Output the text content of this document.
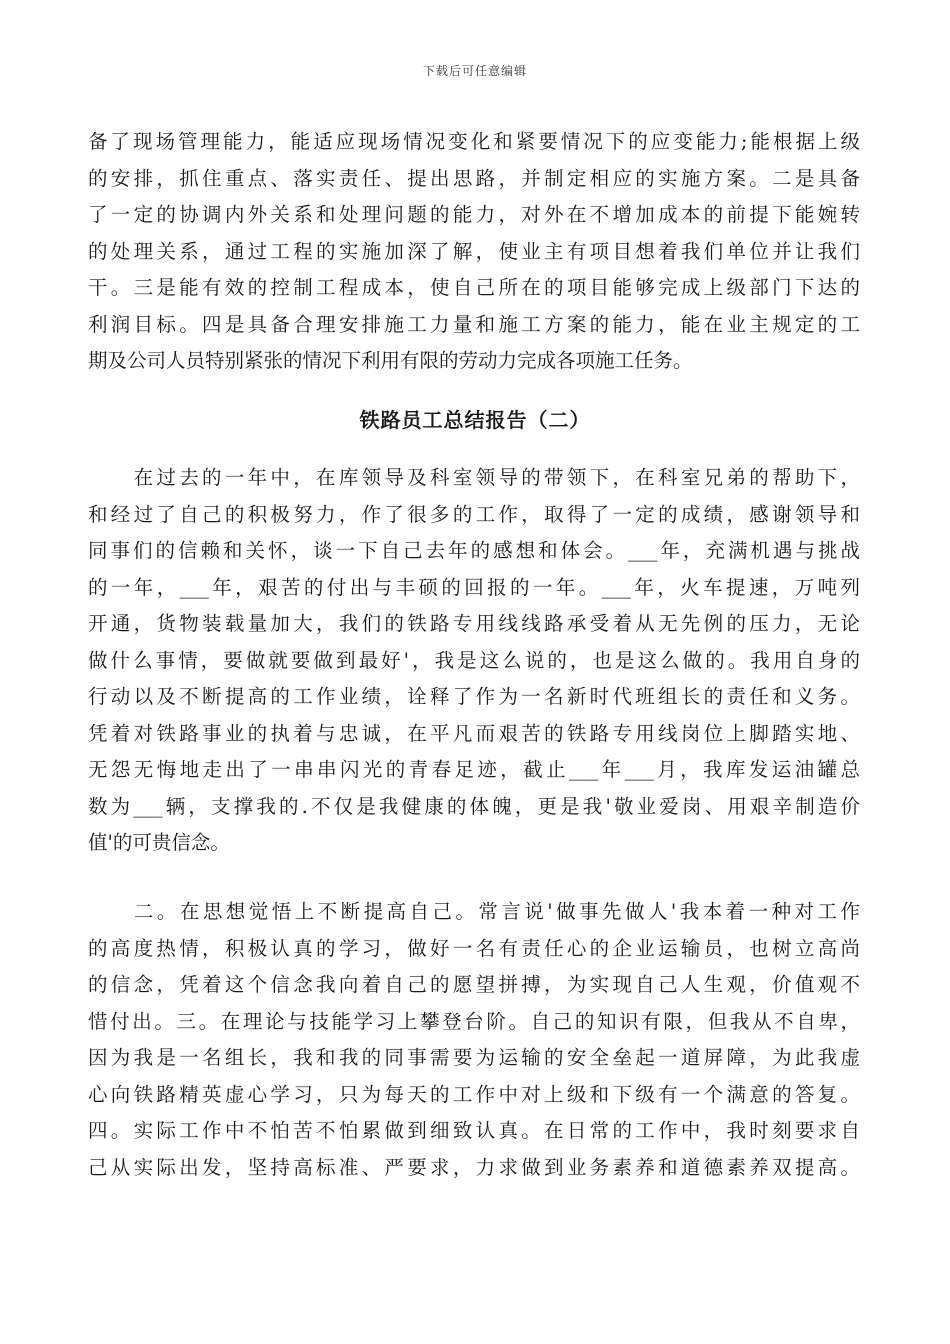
下载后可任意编辑
备了现场管理能力，能适应现场情况变化和紧要情况下的应变能力;能根据上级
的安排，抓住重点、落实责任、提出思路，并制定相应的实施方案。二是具备
了一定的协调内外关系和处理问题的能力，对外在不增加成本的前提下能婉转
的处理关系，通过工程的实施加深了解，使业主有项目想着我们单位并让我们
干。三是能有效的控制工程成本，使自己所在的项目能够完成上级部门下达的
利润目标。四是具备合理安排施工力量和施工方案的能力，能在业主规定的工
期及公司人员特别紧张的情况下利用有限的劳动力完成各项施工任务。
铁路员工总结报告（二）
　　在过去的一年中，在库领导及科室领导的带领下，在科室兄弟的帮助下，
和经过了自己的积极努力，作了很多的工作，取得了一定的成绩，感谢领导和
同事们的信赖和关怀，谈一下自己去年的感想和体会。___年，充满机遇与挑战
的一年，___年，艰苦的付出与丰硕的回报的一年。___年，火车提速，万吨列
开通，货物装载量加大，我们的铁路专用线线路承受着从无先例的压力，无论
做什么事情，要做就要做到最好'，我是这么说的，也是这么做的。我用自身的
行动以及不断提高的工作业绩，诠释了作为一名新时代班组长的责任和义务。
凭着对铁路事业的执着与忠诚，在平凡而艰苦的铁路专用线岗位上脚踏实地、
无怨无悔地走出了一串串闪光的青春足迹，截止___年___月，我库发运油罐总
数为___辆，支撑我的.不仅是我健康的体魄，更是我'敬业爱岗、用艰辛制造价
值'的可贵信念。
　　二。在思想觉悟上不断提高自己。常言说'做事先做人'我本着一种对工作
的高度热情，积极认真的学习，做好一名有责任心的企业运输员，也树立高尚
的信念，凭着这个信念我向着自己的愿望拼搏，为实现自己人生观，价值观不
惜付出。三。在理论与技能学习上攀登台阶。自己的知识有限，但我从不自卑，
因为我是一名组长，我和我的同事需要为运输的安全垒起一道屏障，为此我虚
心向铁路精英虚心学习，只为每天的工作中对上级和下级有一个满意的答复。
四。实际工作中不怕苦不怕累做到细致认真。在日常的工作中，我时刻要求自
己从实际出发，坚持高标准、严要求，力求做到业务素养和道德素养双提高。
